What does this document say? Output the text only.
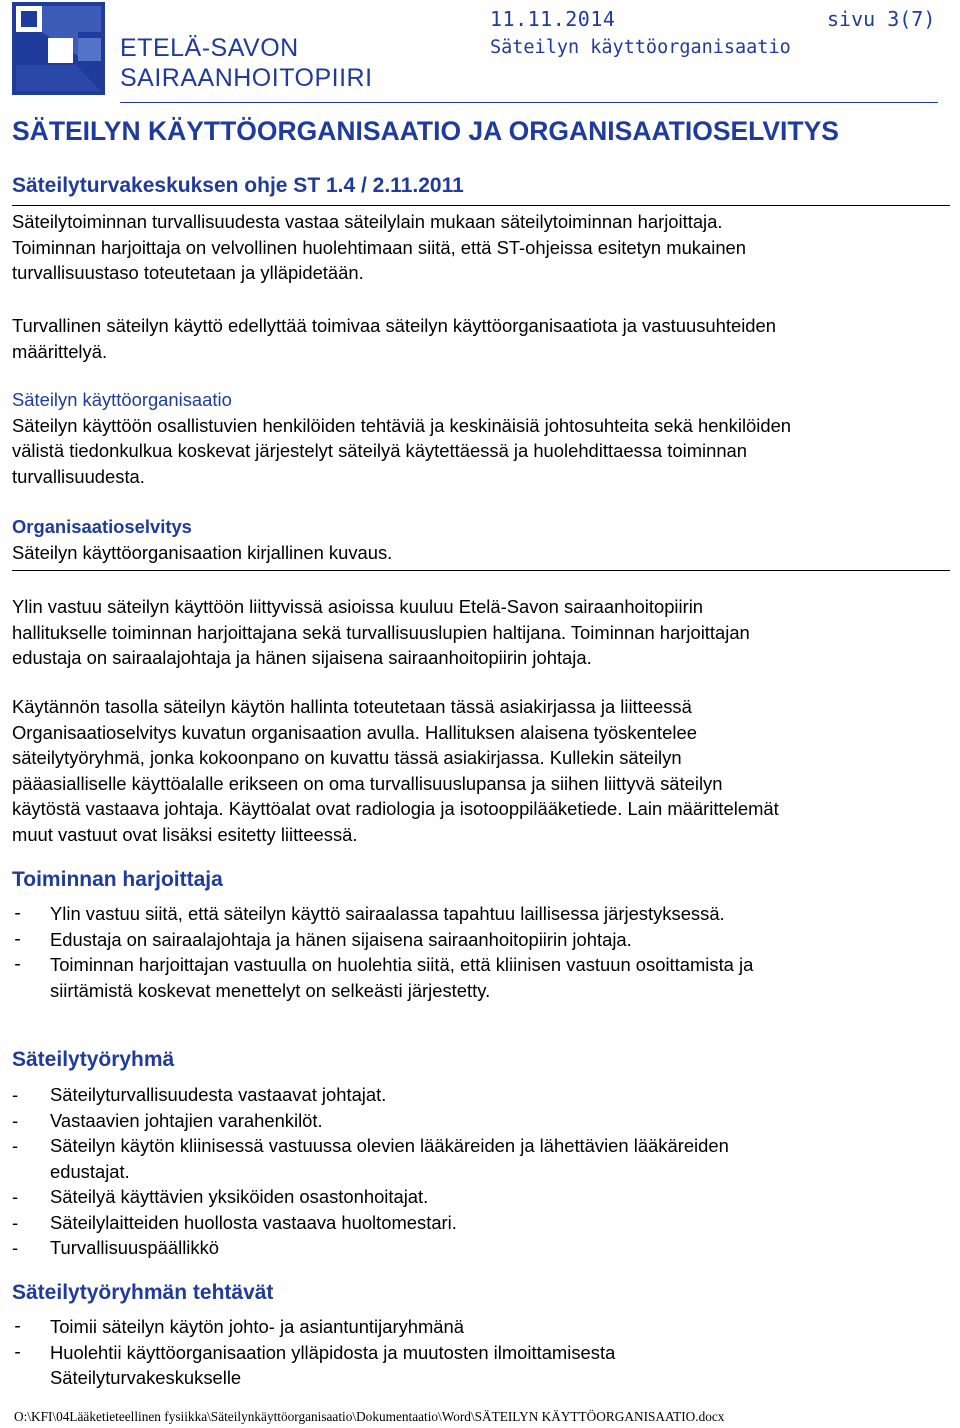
ETELÄ-SAVON
SAIRAANHOITOPIIRI
11.11.2014
Säteilyn käyttöorganisaatio
sivu 3(7)
SÄTEILYN KÄYTTÖORGANISAATIO JA ORGANISAATIOSELVITYS
Säteilyturvakeskuksen ohje ST 1.4 / 2.11.2011
Säteilytoiminnan turvallisuudesta vastaa säteilylain mukaan säteilytoiminnan harjoittaja.
Toiminnan harjoittaja on velvollinen huolehtimaan siitä, että ST-ohjeissa esitetyn mukainen
turvallisuustaso toteutetaan ja ylläpidetään.
Turvallinen säteilyn käyttö edellyttää toimivaa säteilyn käyttöorganisaatiota ja vastuusuhteiden
määrittelyä.
Säteilyn käyttöorganisaatio
Säteilyn käyttöön osallistuvien henkilöiden tehtäviä ja keskinäisiä johtosuhteita sekä henkilöiden
välistä tiedonkulkua koskevat järjestelyt säteilyä käytettäessä ja huolehdittaessa toiminnan
turvallisuudesta.
Organisaatioselvitys
Säteilyn käyttöorganisaation kirjallinen kuvaus.
Ylin vastuu säteilyn käyttöön liittyvissä asioissa kuuluu Etelä-Savon sairaanhoitopiirin
hallitukselle toiminnan harjoittajana sekä turvallisuuslupien haltijana. Toiminnan harjoittajan
edustaja on sairaalajohtaja ja hänen sijaisena sairaanhoitopiirin johtaja.
Käytännön tasolla säteilyn käytön hallinta toteutetaan tässä asiakirjassa ja liitteessä
Organisaatioselvitys kuvatun organisaation avulla. Hallituksen alaisena työskentelee
säteilytyöryhmä, jonka kokoonpano on kuvattu tässä asiakirjassa. Kullekin säteilyn
pääasialliselle käyttöalalle erikseen on oma turvallisuuslupansa ja siihen liittyvä säteilyn
käytöstä vastaava johtaja. Käyttöalat ovat radiologia ja isotooppilääketiede. Lain määrittelemät
muut vastuut ovat lisäksi esitetty liitteessä.
Toiminnan harjoittaja
- Ylin vastuu siitä, että säteilyn käyttö sairaalassa tapahtuu laillisessa järjestyksessä.
- Edustaja on sairaalajohtaja ja hänen sijaisena sairaanhoitopiirin johtaja.
- Toiminnan harjoittajan vastuulla on huolehtia siitä, että kliinisen vastuun osoittamista ja
siirtämistä koskevat menettelyt on selkeästi järjestetty.
Säteilytyöryhmä
- Säteilyturvallisuudesta vastaavat johtajat.
- Vastaavien johtajien varahenkilöt.
- Säteilyn käytön kliinisessä vastuussa olevien lääkäreiden ja lähettävien lääkäreiden
edustajat.
- Säteilyä käyttävien yksiköiden osastonhoitajat.
- Säteilylaitteiden huollosta vastaava huoltomestari.
- Turvallisuuspäällikkö
Säteilytyöryhmän tehtävät
- Toimii säteilyn käytön johto- ja asiantuntijaryhmänä
- Huolehtii käyttöorganisaation ylläpidosta ja muutosten ilmoittamisesta
Säteilyturvakeskukselle
O:\KFI\04Lääketieteellinen fysiikka\Säteilynkäyttöorganisaatio\Dokumentaatio\Word\SÄTEILYN KÄYTTÖORGANISAATIO.docx
